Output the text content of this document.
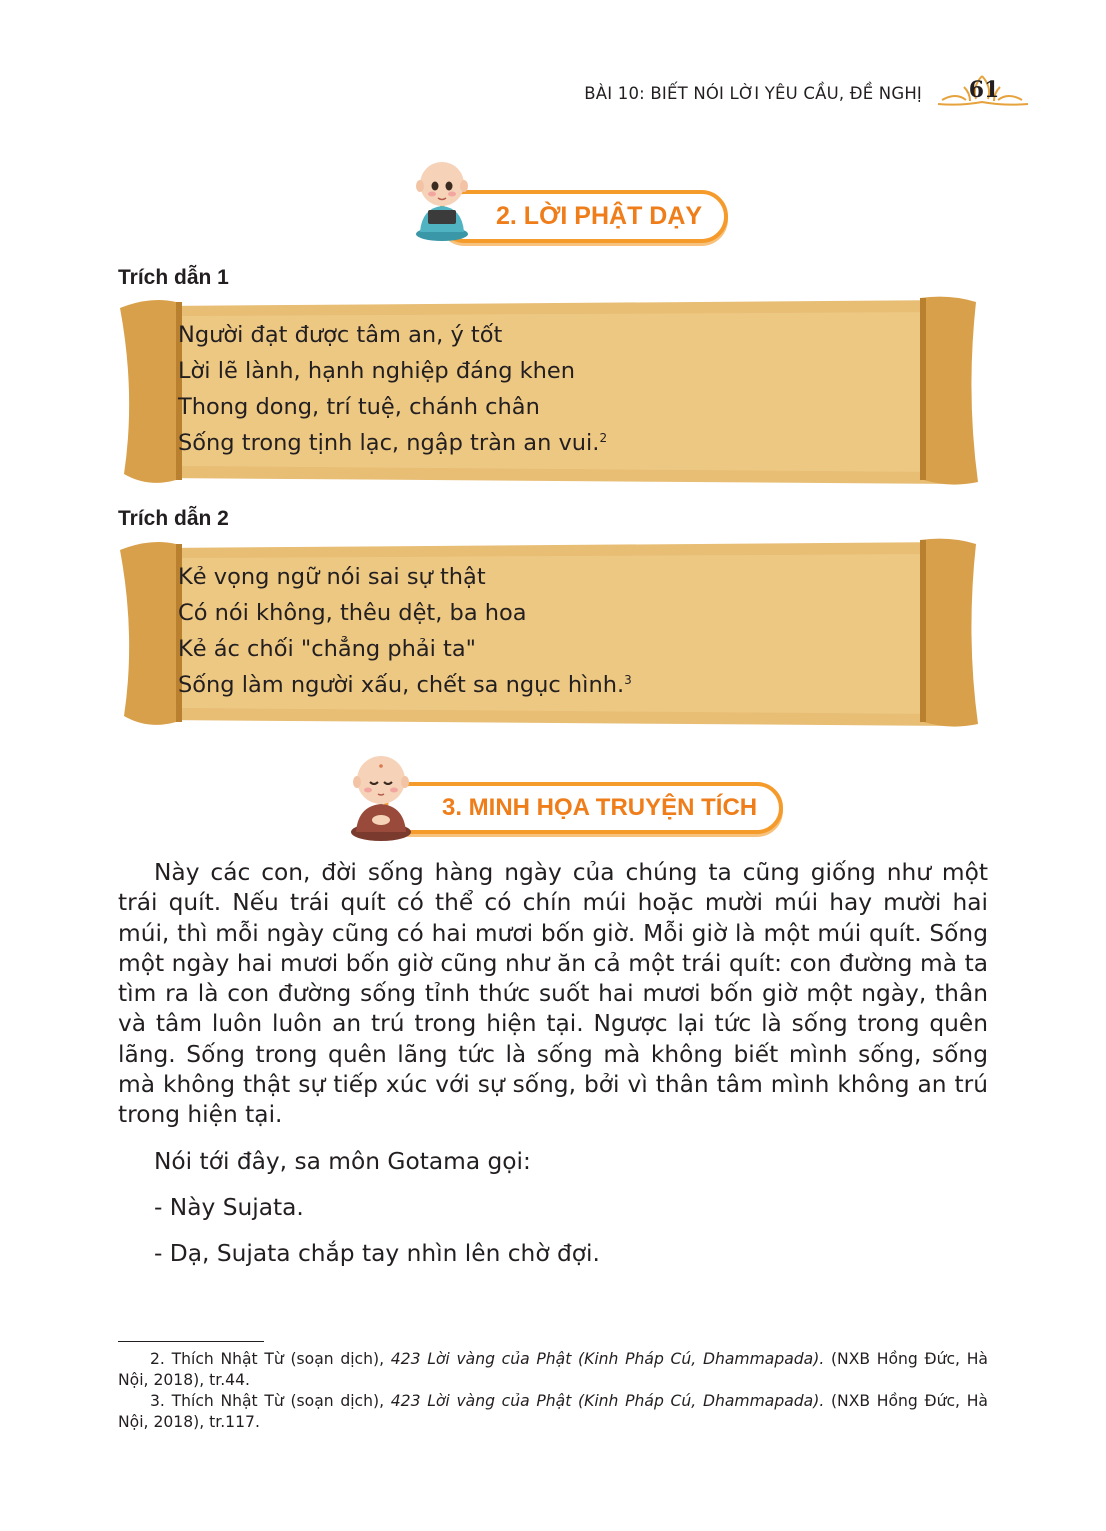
BÀI 10: BIẾT NÓI LỜI YÊU CẦU, ĐỀ NGHỊ	61
2. LỜI PHẬT DẠY
Trích dẫn 1
Người đạt được tâm an, ý tốt
Lời lẽ lành, hạnh nghiệp đáng khen
Thong dong, trí tuệ, chánh chân
Sống trong tịnh lạc, ngập tràn an vui.$^2$
Trích dẫn 2
Kẻ vọng ngữ nói sai sự thật
Có nói không, thêu dệt, ba hoa
Kẻ ác chối "chẳng phải ta"
Sống làm người xấu, chết sa ngục hình.$^3$
3. MINH HỌA TRUYỆN TÍCH

Này các con, đời sống hàng ngày của chúng ta cũng giống như một trái quít. Nếu trái quít có thể có chín múi hoặc mười múi hay mười hai múi, thì mỗi ngày cũng có hai mươi bốn giờ. Mỗi giờ là một múi quít. Sống một ngày hai mươi bốn giờ cũng như ăn cả một trái quít: con đường mà ta tìm ra là con đường sống tỉnh thức suốt hai mươi bốn giờ một ngày, thân và tâm luôn luôn an trú trong hiện tại. Ngược lại tức là sống trong quên lãng. Sống trong quên lãng tức là sống mà không biết mình sống, sống mà không thật sự tiếp xúc với sự sống, bởi vì thân tâm mình không an trú trong hiện tại.

Nói tới đây, sa môn Gotama gọi:

- Này Sujata.

- Dạ, Sujata chắp tay nhìn lên chờ đợi.

2. Thích Nhật Từ (soạn dịch), 423 Lời vàng của Phật (Kinh Pháp Cú, Dhammapada). (NXB Hồng Đức, Hà Nội, 2018), tr.44.

3. Thích Nhật Từ (soạn dịch), 423 Lời vàng của Phật (Kinh Pháp Cú, Dhammapada). (NXB Hồng Đức, Hà Nội, 2018), tr.117.
